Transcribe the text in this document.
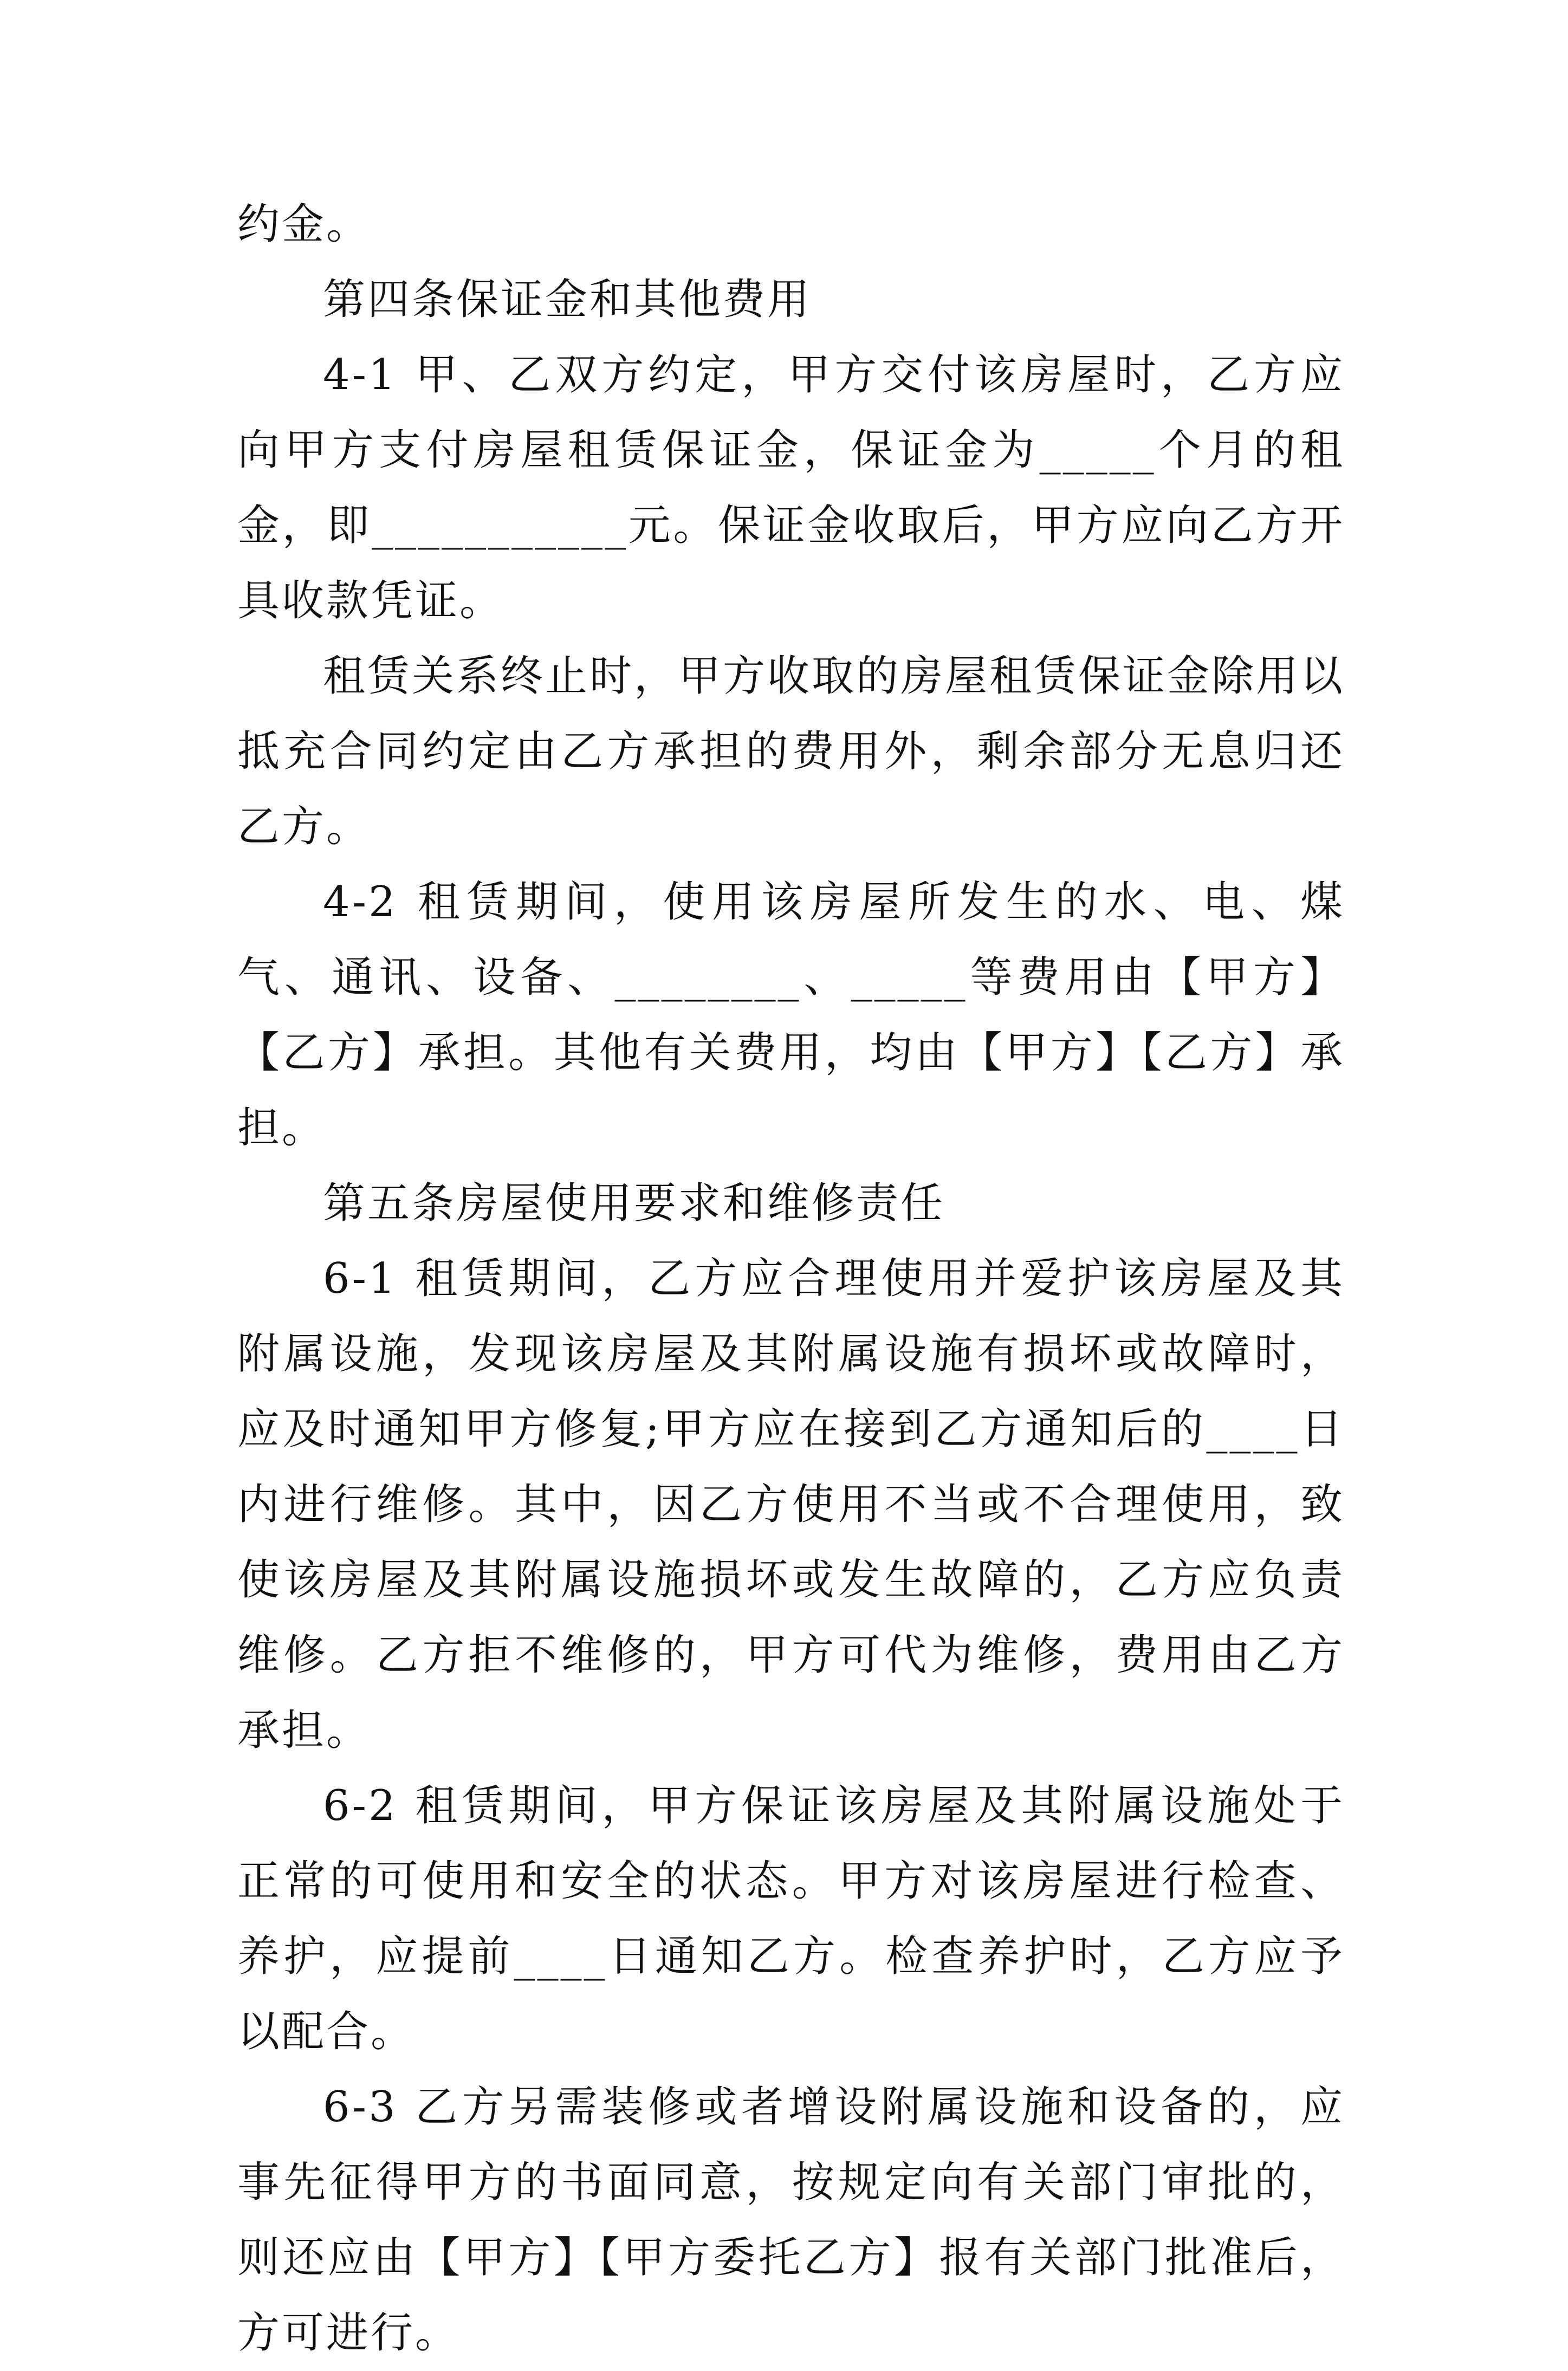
约金。

第四条保证金和其他费用

4-1 甲、乙双方约定，甲方交付该房屋时，乙方应向甲方支付房屋租赁保证金，保证金为_____个月的租金，即___________元。保证金收取后，甲方应向乙方开具收款凭证。

租赁关系终止时，甲方收取的房屋租赁保证金除用以抵充合同约定由乙方承担的费用外，剩余部分无息归还乙方。

4-2 租赁期间，使用该房屋所发生的水、电、煤气、通讯、设备、________、_____等费用由【甲方】【乙方】承担。其他有关费用，均由【甲方】【乙方】承担。

第五条房屋使用要求和维修责任

6-1 租赁期间，乙方应合理使用并爱护该房屋及其附属设施，发现该房屋及其附属设施有损坏或故障时，应及时通知甲方修复;甲方应在接到乙方通知后的____日内进行维修。其中，因乙方使用不当或不合理使用，致使该房屋及其附属设施损坏或发生故障的，乙方应负责维修。乙方拒不维修的，甲方可代为维修，费用由乙方承担。

6-2 租赁期间，甲方保证该房屋及其附属设施处于正常的可使用和安全的状态。甲方对该房屋进行检查、养护，应提前____日通知乙方。检查养护时，乙方应予以配合。

6-3 乙方另需装修或者增设附属设施和设备的，应事先征得甲方的书面同意，按规定向有关部门审批的，则还应由【甲方】【甲方委托乙方】报有关部门批准后，方可进行。
